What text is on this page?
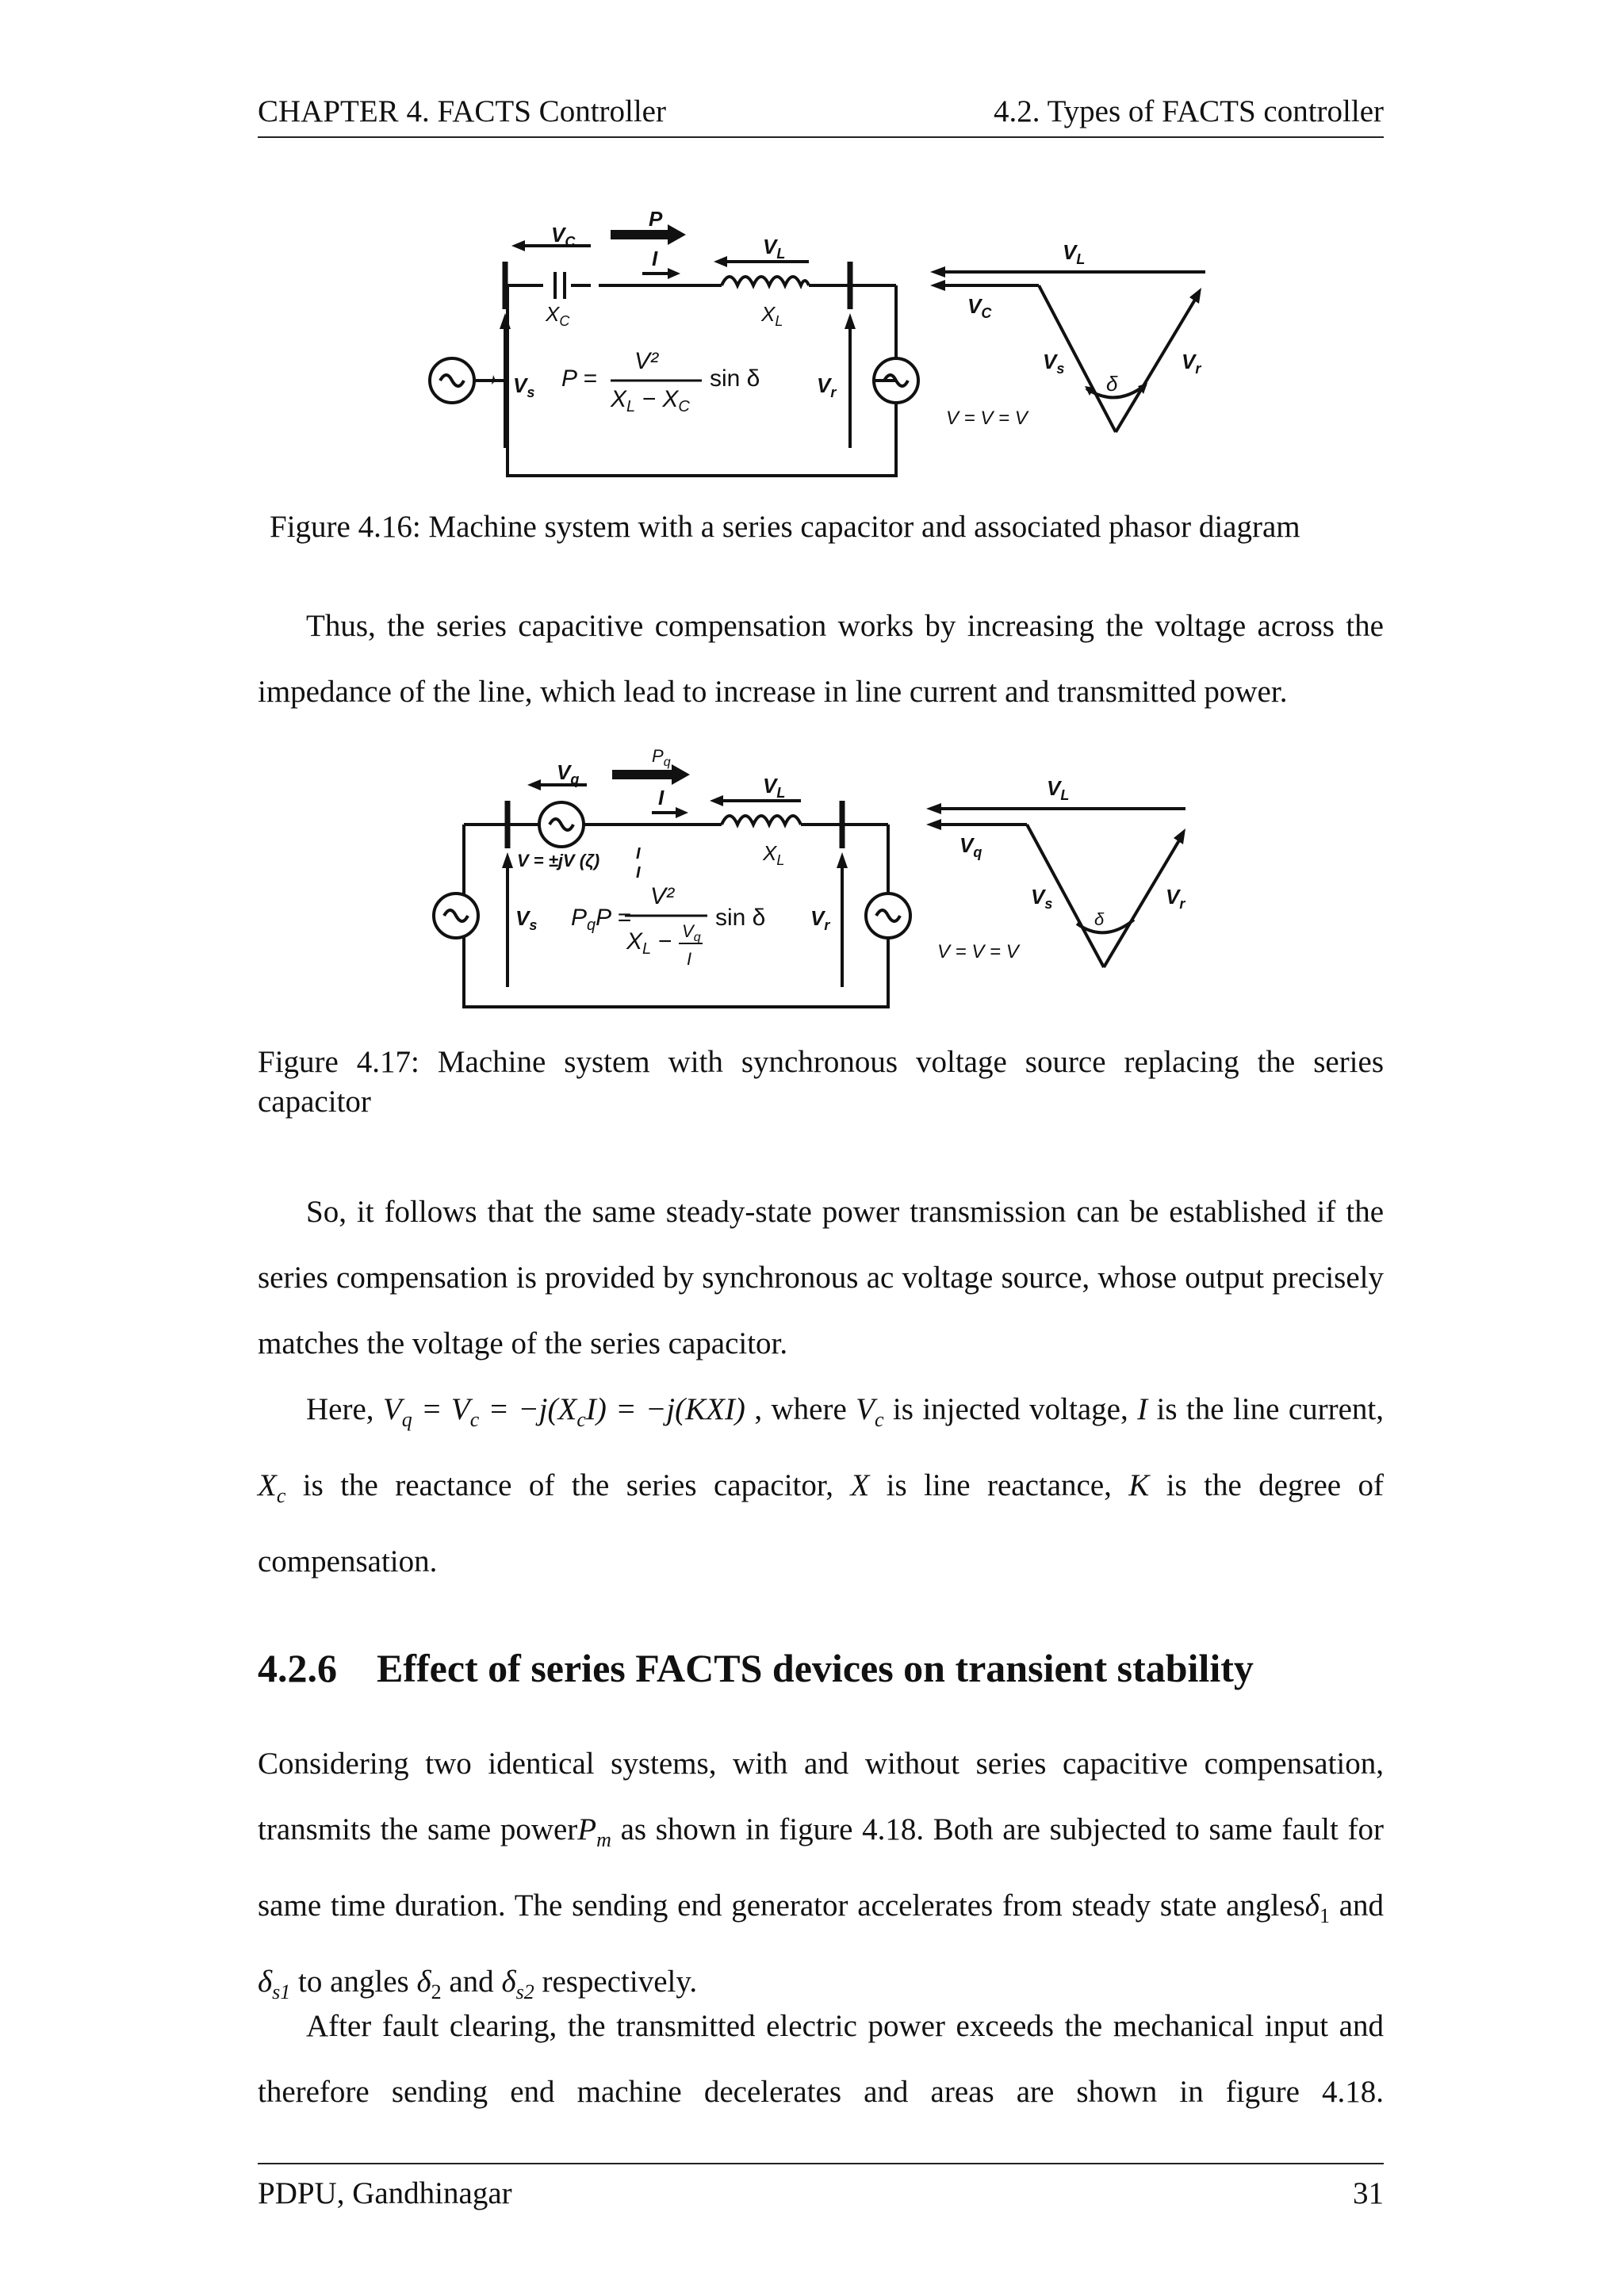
CHAPTER 4. FACTS Controller	4.2. Types of FACTS controller
$V_C$
P
I	$V_L$
$X_C$	$X_L$
$V_s$	$V_r$
P =
V²
$X_L - X_C$
sin δ
$V_L$
$V_C$
$V_s$	$V_r$
δ
V = V = V

Figure 4.16: Machine system with a series capacitor and associated phasor diagram

Thus, the series capacitive compensation works by increasing the voltage across the impedance of the line, which lead to increase in line current and transmitted power.

$V_q$
$P_q$
I	$V_L$
$X_L$
V = ±jV (ζ) I
I
$V_s$	$V_r$
$P_qP$ =
V²
$X_L - V_q$
I
sin δ
$V_L$
$V_q$
$V_s$	$V_r$
δ
V = V = V

Figure 4.17: Machine system with synchronous voltage source replacing the series

capacitor

So, it follows that the same steady-state power transmission can be established if the series compensation is provided by synchronous ac voltage source, whose output precisely matches the voltage of the series capacitor.

Here, $V_q = V_c = -j(X_cI) = -j(KXI)$ , where $V_c$ is injected voltage, I is the line current, $X_c$ is the reactance of the series capacitor, X is line reactance, K is the degree of compensation.

4.2.6 Effect of series FACTS devices on transient stability

Considering two identical systems, with and without series capacitive compensation, transmits the same powerP$_m$ as shown in figure 4.18. Both are subjected to same fault for same time duration. The sending end generator accelerates from steady state anglesδ$_1$ and $\delta_{s1}$ to angles $\delta_2$ and $\delta_{s2}$ respectively.

After fault clearing, the transmitted electric power exceeds the mechanical input and therefore sending end machine decelerates and areas are shown in figure 4.18.

PDPU, Gandhinagar	31
